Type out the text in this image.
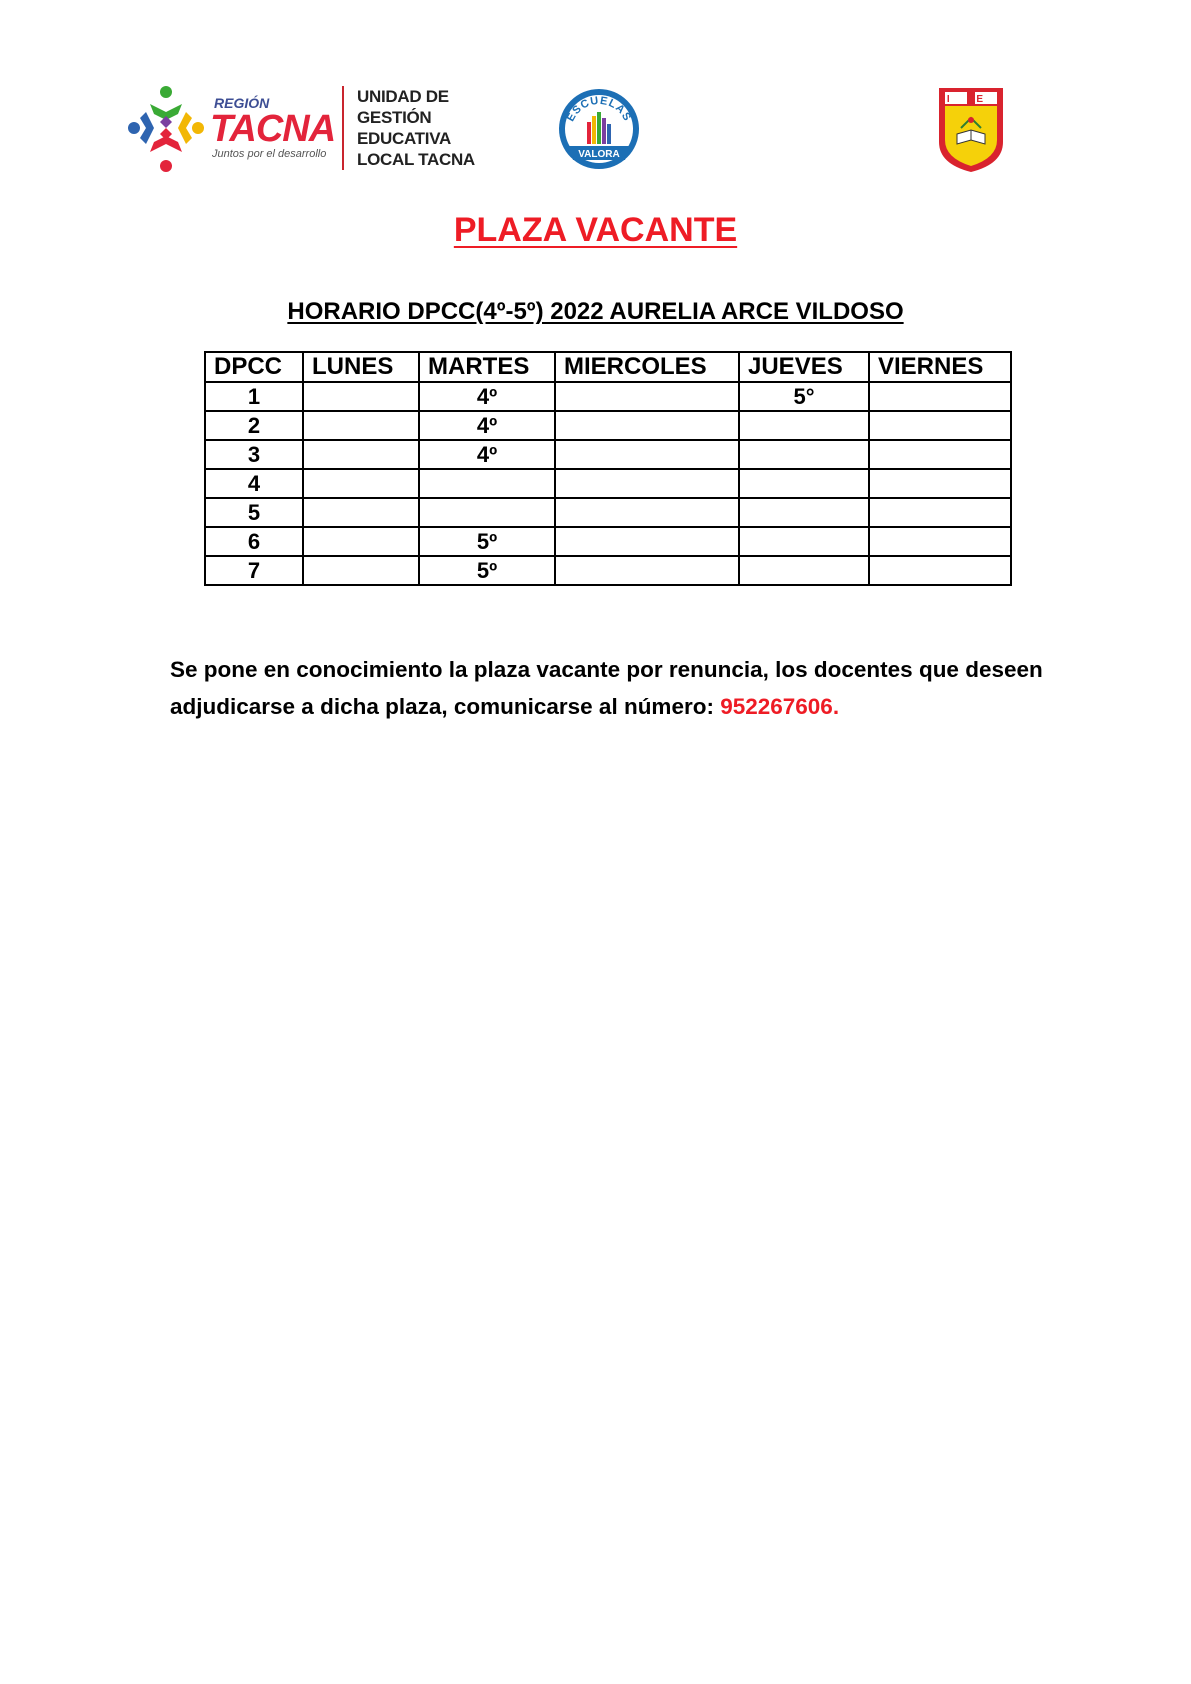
REGIÓN
TACNA
Juntos por el desarrollo
UNIDAD DE
GESTIÓN
EDUCATIVA
LOCAL TACNA
ESCUELAS
VALORA
I E
PLAZA VACANTE
HORARIO DPCC(4º-5º) 2022 AURELIA ARCE VILDOSO
DPCC	LUNES	MARTES	MIERCOLES	JUEVES	VIERNES
1		4º		5°	
2		4º			
3		4º			
4					
5					
6		5º			
7		5º			

Se pone en conocimiento la plaza vacante por renuncia, los docentes que deseen adjudicarse a dicha plaza, comunicarse al número: 952267606.
